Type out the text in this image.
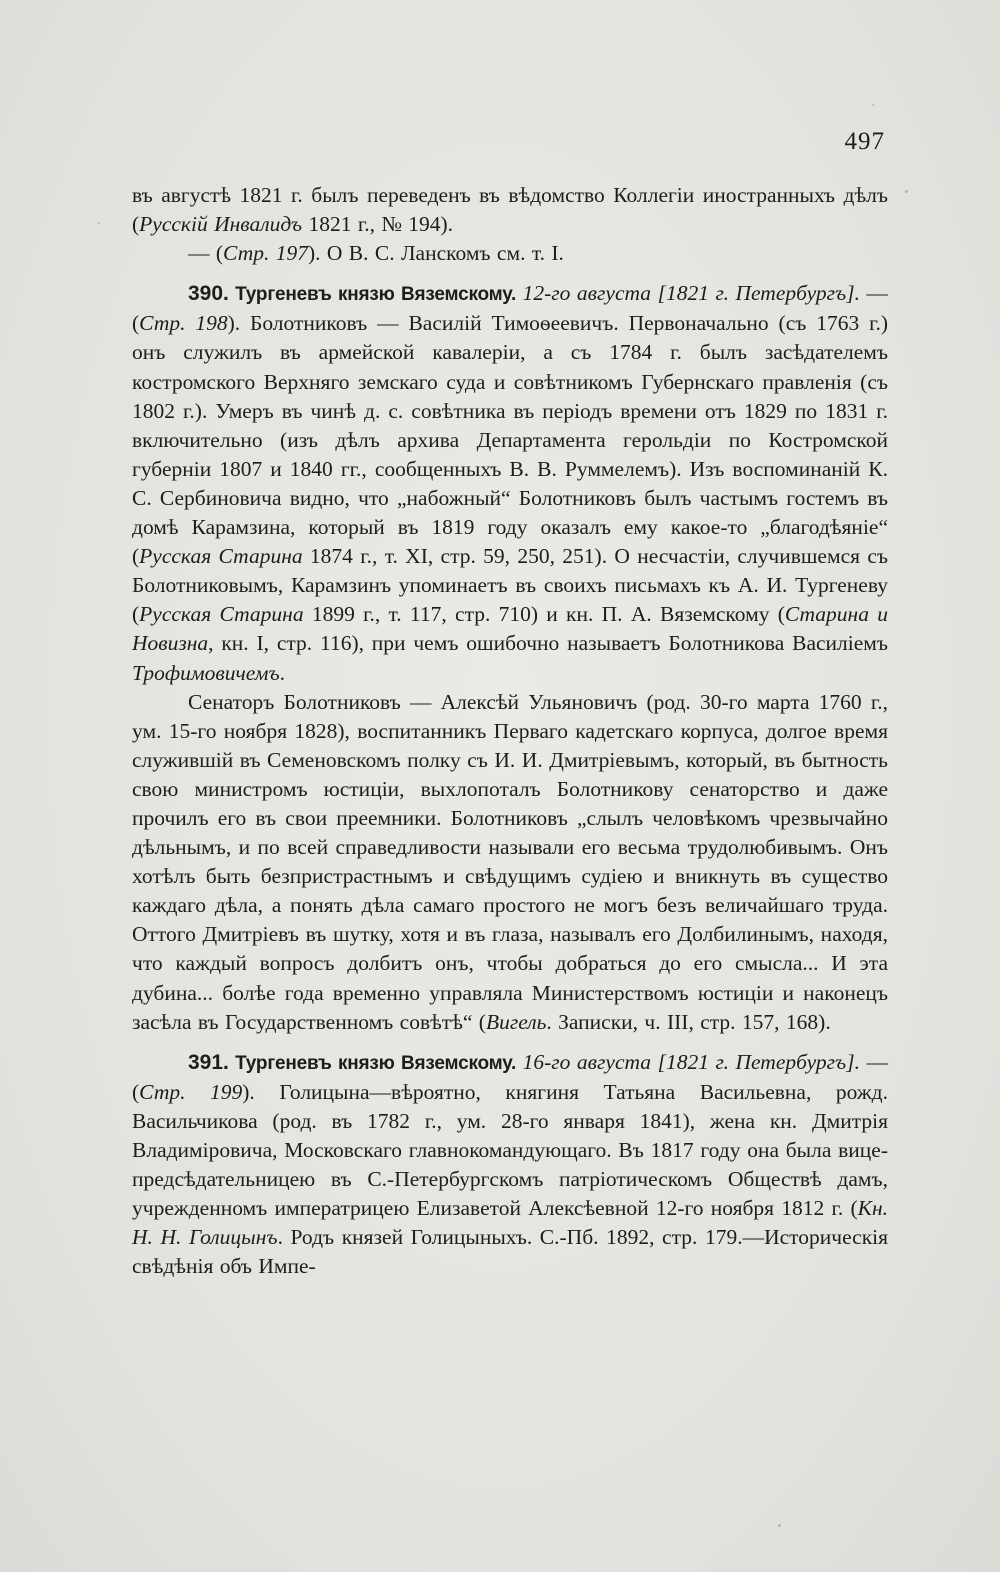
497

въ августѣ 1821 г. былъ переведенъ въ вѣдомство Коллегіи иностранныхъ дѣлъ (Русскій Инвалидъ 1821 г., № 194).

— (Стр. 197). О В. С. Ланскомъ см. т. I.

390. Тургеневъ князю Вяземскому. 12-го августа [1821 г. Петербургъ]. — (Стр. 198). Болотниковъ — Василій Тимоѳеевичъ. Первоначально (съ 1763 г.) онъ служилъ въ армейской кавалеріи, а съ 1784 г. былъ засѣдателемъ костромского Верхняго земскаго суда и совѣтникомъ Губернскаго правленія (съ 1802 г.). Умеръ въ чинѣ д. с. совѣтника въ періодъ времени отъ 1829 по 1831 г. включительно (изъ дѣлъ архива Департамента герольдіи по Костромской губерніи 1807 и 1840 гг., сообщенныхъ В. В. Руммелемъ). Изъ воспоминаній К. С. Сербиновича видно, что „набожный“ Болотниковъ былъ частымъ гостемъ въ домѣ Карамзина, который въ 1819 году оказалъ ему какое-то „благодѣяніе“ (Русская Старина 1874 г., т. XI, стр. 59, 250, 251). О несчастіи, случившемся съ Болотниковымъ, Карамзинъ упоминаетъ въ своихъ письмахъ къ А. И. Тургеневу (Русская Старина 1899 г., т. 117, стр. 710) и кн. П. А. Вяземскому (Старина и Новизна, кн. I, стр. 116), при чемъ ошибочно называетъ Болотникова Василіемъ Трофимовичемъ.

Сенаторъ Болотниковъ — Алексѣй Ульяновичъ (род. 30-го марта 1760 г., ум. 15-го ноября 1828), воспитанникъ Перваго кадетскаго корпуса, долгое время служившій въ Семеновскомъ полку съ И. И. Дмитріевымъ, который, въ бытность свою министромъ юстиціи, выхлопоталъ Болотникову сенаторство и даже прочилъ его въ свои преемники. Болотниковъ „слылъ человѣкомъ чрезвычайно дѣльнымъ, и по всей справедливости называли его весьма трудолюбивымъ. Онъ хотѣлъ быть безпристрастнымъ и свѣдущимъ судіею и вникнуть въ существо каждаго дѣла, а понять дѣла самаго простого не могъ безъ величайшаго труда. Оттого Дмитріевъ въ шутку, хотя и въ глаза, называлъ его Долбилинымъ, находя, что каждый вопросъ долбитъ онъ, чтобы добраться до его смысла... И эта дубина... болѣе года временно управляла Министерствомъ юстиціи и наконецъ засѣла въ Государственномъ совѣтѣ“ (Вигель. Записки, ч. III, стр. 157, 168).

391. Тургеневъ князю Вяземскому. 16-го августа [1821 г. Петербургъ]. — (Стр. 199). Голицына—вѣроятно, княгиня Татьяна Васильевна, рожд. Васильчикова (род. въ 1782 г., ум. 28-го января 1841), жена кн. Дмитрія Владиміровича, Московскаго главнокомандующаго. Въ 1817 году она была вице-предсѣдательницею въ С.-Петербургскомъ патріотическомъ Обществѣ дамъ, учрежденномъ императрицею Елизаветой Алексѣевной 12-го ноября 1812 г. (Кн. Н. Н. Голицынъ. Родъ князей Голицыныхъ. С.-Пб. 1892, стр. 179.—Историческія свѣдѣнія объ Импе-
